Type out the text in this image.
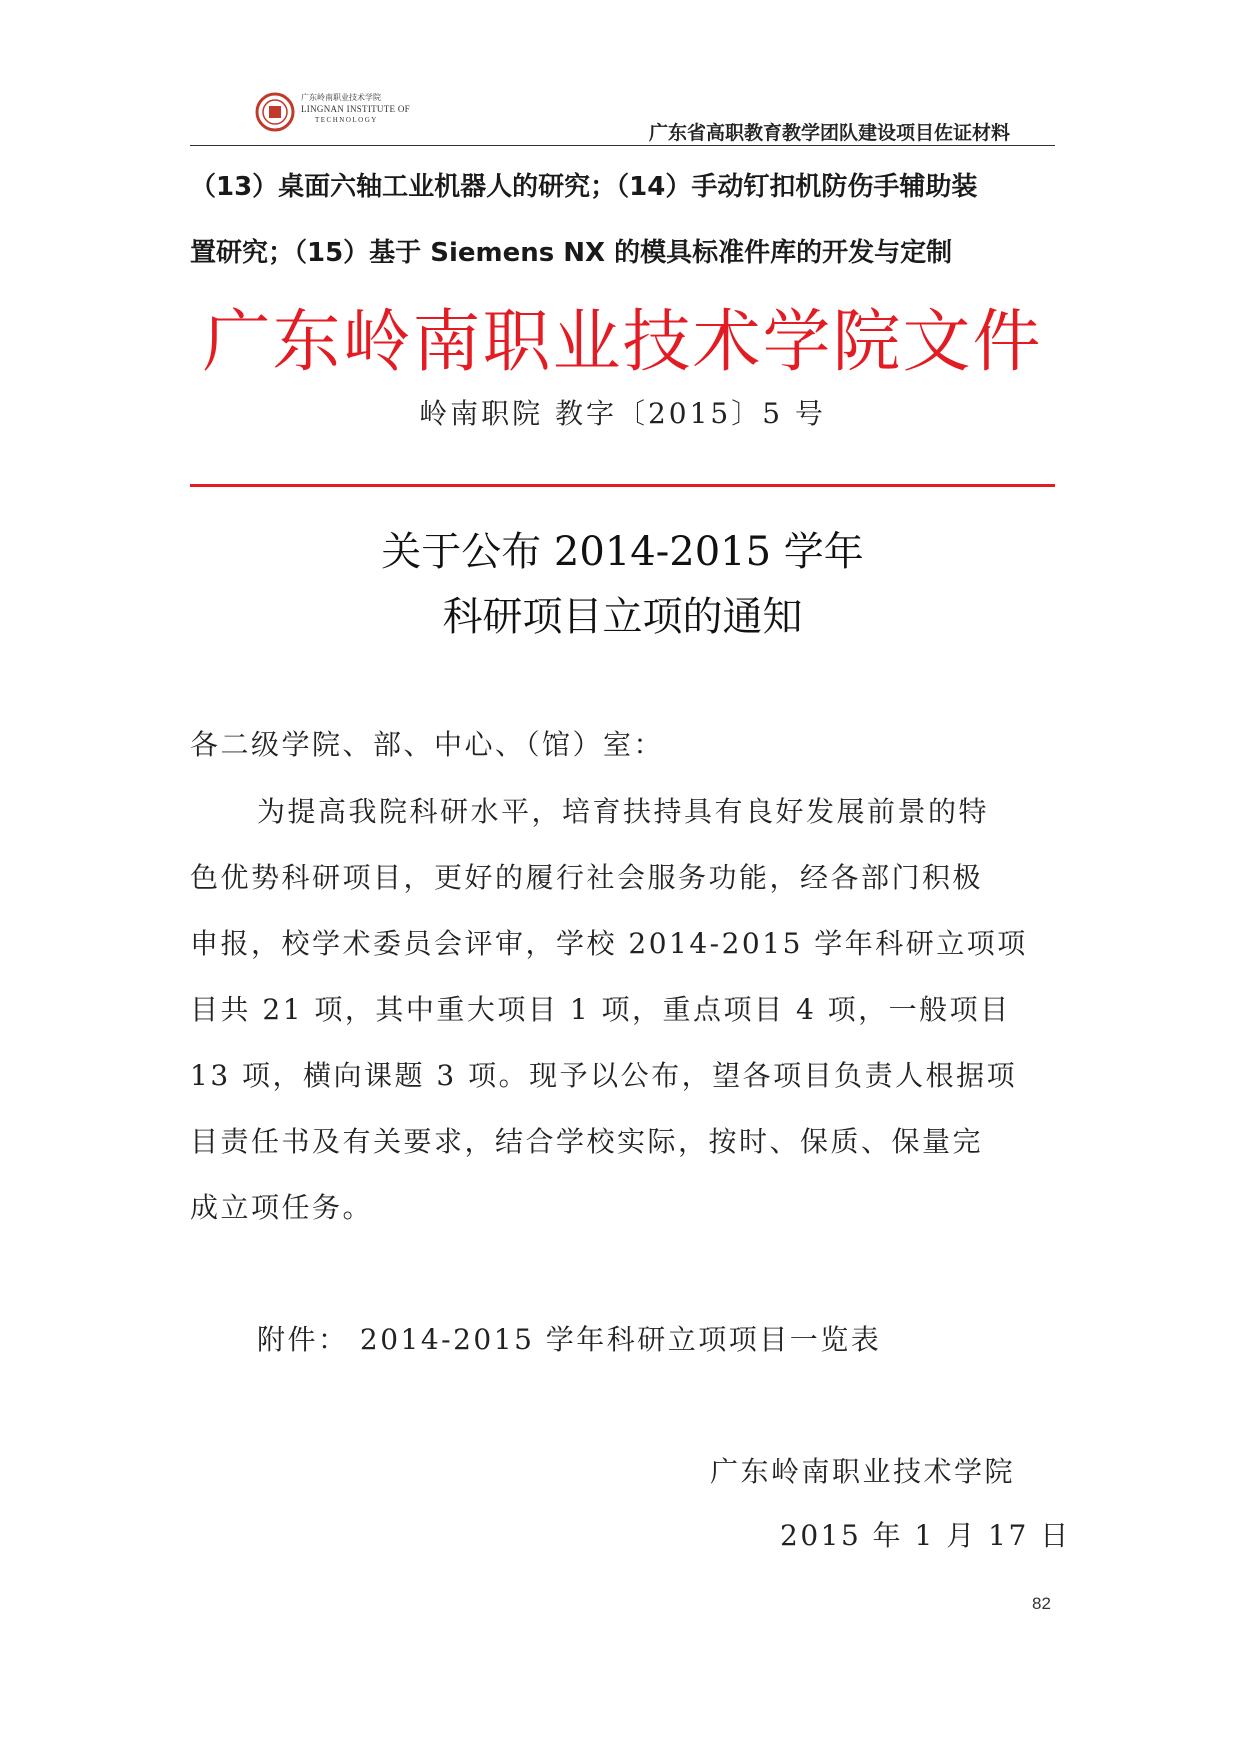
广东岭南职业技术学院
LINGNAN INSTITUTE OF
TECHNOLOGY
广东省高职教育教学团队建设项目佐证材料
（13）桌面六轴工业机器人的研究；（14）手动钉扣机防伤手辅助装
置研究；（15）基于 Siemens NX 的模具标准件库的开发与定制
广东岭南职业技术学院文件
岭南职院 教字〔2015〕5 号
关于公布 2014-2015 学年
科研项目立项的通知
各二级学院、部、中心、（馆）室：
为提高我院科研水平，培育扶持具有良好发展前景的特
色优势科研项目，更好的履行社会服务功能，经各部门积极
申报，校学术委员会评审，学校 2014-2015 学年科研立项项
目共 21 项，其中重大项目 1 项，重点项目 4 项，一般项目
13 项，横向课题 3 项。现予以公布，望各项目负责人根据项
目责任书及有关要求，结合学校实际，按时、保质、保量完
成立项任务。
附件： 2014-2015 学年科研立项项目一览表
广东岭南职业技术学院
2015 年 1 月 17 日
82
